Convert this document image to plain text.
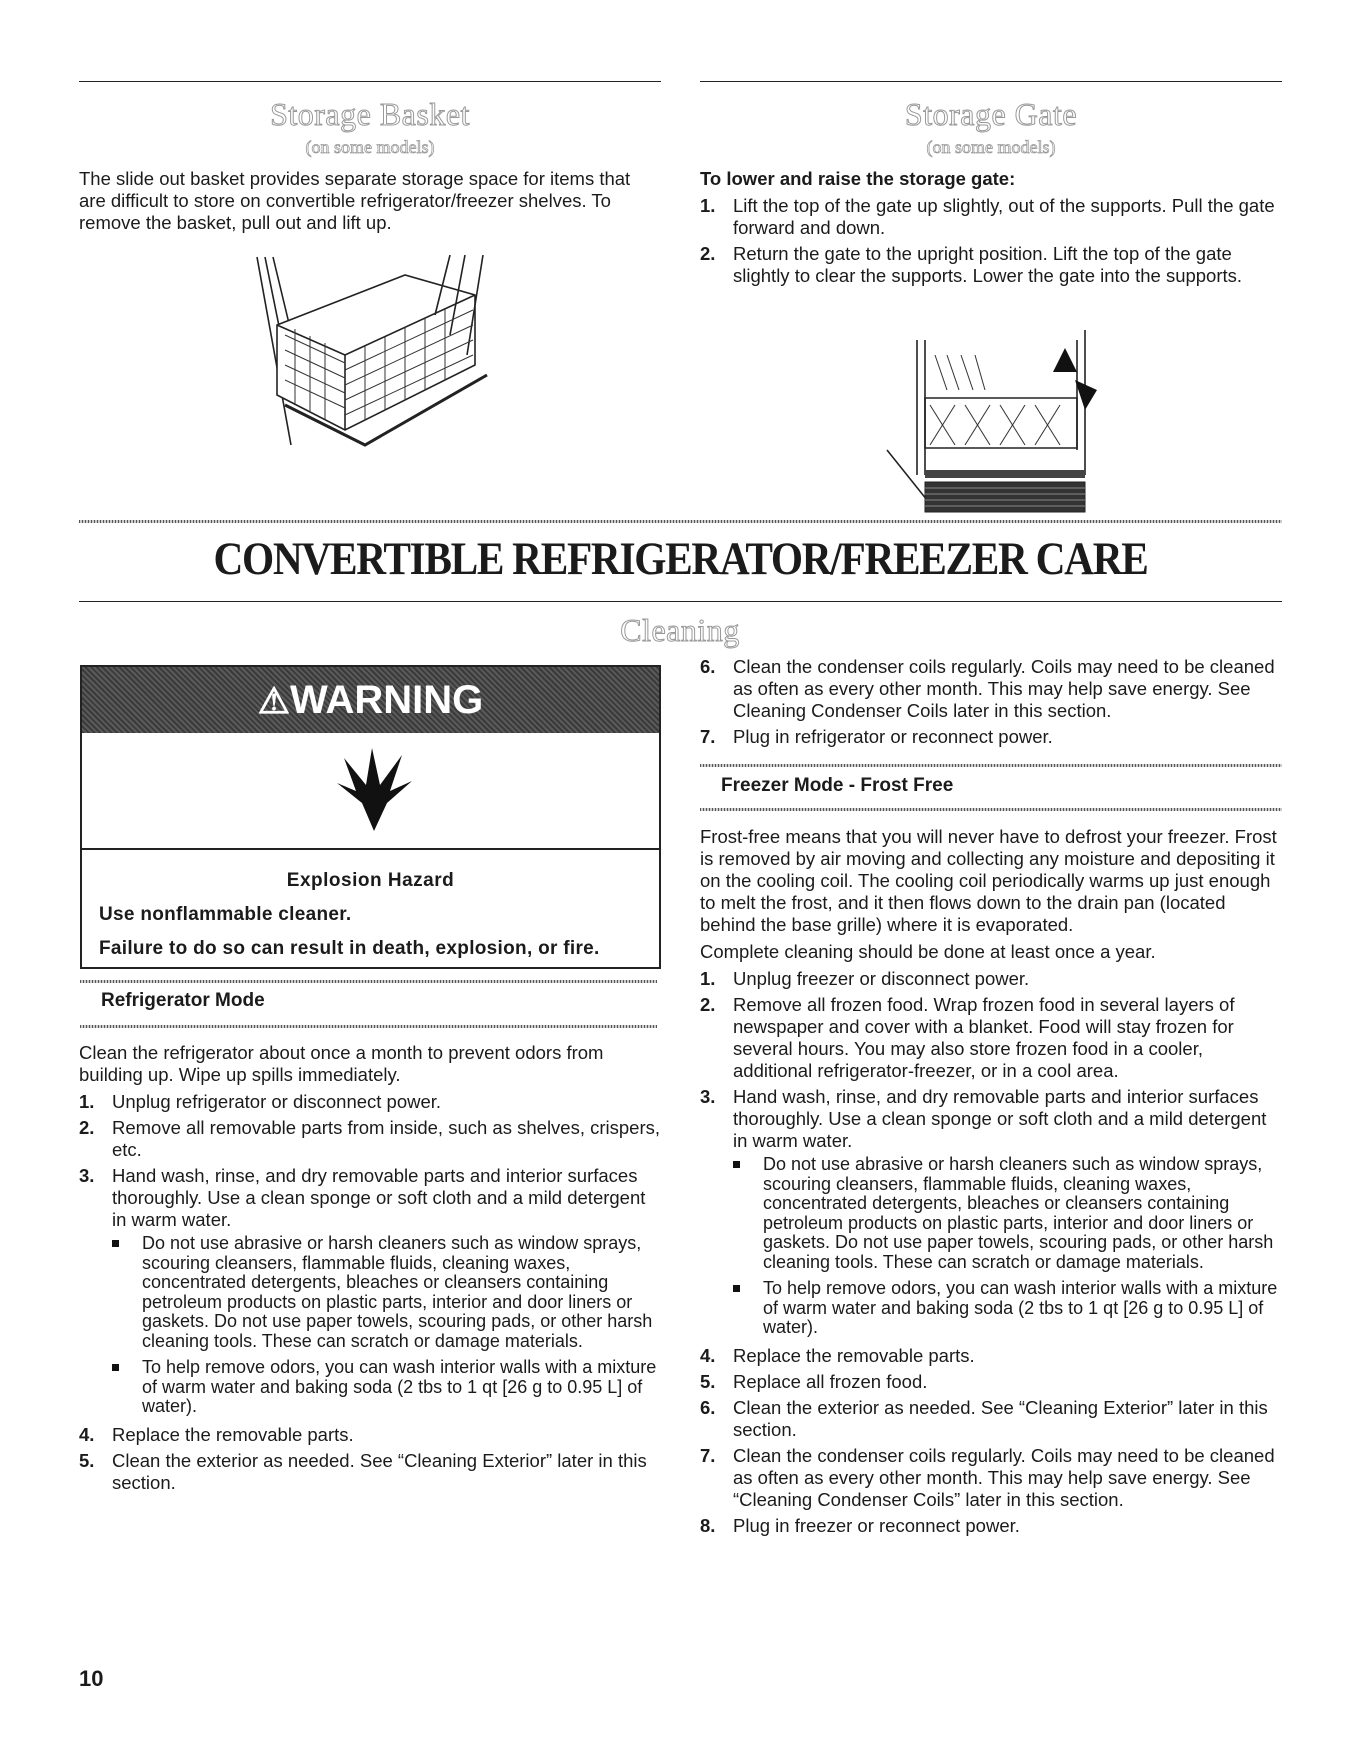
Storage Basket
(on some models)
The slide out basket provides separate storage space for items that are difficult to store on convertible refrigerator/freezer shelves. To remove the basket, pull out and lift up.
Storage Gate
(on some models)
To lower and raise the storage gate:
1. Lift the top of the gate up slightly, out of the supports. Pull the gate forward and down.
2. Return the gate to the upright position. Lift the top of the gate slightly to clear the supports. Lower the gate into the supports.
CONVERTIBLE REFRIGERATOR/FREEZER CARE
Cleaning
⚠WARNING
Explosion Hazard
Use nonflammable cleaner.
Failure to do so can result in death, explosion, or fire.
Refrigerator Mode
Clean the refrigerator about once a month to prevent odors from building up. Wipe up spills immediately.
1. Unplug refrigerator or disconnect power.
2. Remove all removable parts from inside, such as shelves, crispers, etc.
3. Hand wash, rinse, and dry removable parts and interior surfaces thoroughly. Use a clean sponge or soft cloth and a mild detergent in warm water.
Do not use abrasive or harsh cleaners such as window sprays, scouring cleansers, flammable fluids, cleaning waxes, concentrated detergents, bleaches or cleansers containing petroleum products on plastic parts, interior and door liners or gaskets. Do not use paper towels, scouring pads, or other harsh cleaning tools. These can scratch or damage materials.
To help remove odors, you can wash interior walls with a mixture of warm water and baking soda (2 tbs to 1 qt [26 g to 0.95 L] of water).
4. Replace the removable parts.
5. Clean the exterior as needed. See “Cleaning Exterior” later in this section.
6. Clean the condenser coils regularly. Coils may need to be cleaned as often as every other month. This may help save energy. See Cleaning Condenser Coils later in this section.
7. Plug in refrigerator or reconnect power.
Freezer Mode - Frost Free
Frost-free means that you will never have to defrost your freezer. Frost is removed by air moving and collecting any moisture and depositing it on the cooling coil. The cooling coil periodically warms up just enough to melt the frost, and it then flows down to the drain pan (located behind the base grille) where it is evaporated.
Complete cleaning should be done at least once a year.
1. Unplug freezer or disconnect power.
2. Remove all frozen food. Wrap frozen food in several layers of newspaper and cover with a blanket. Food will stay frozen for several hours. You may also store frozen food in a cooler, additional refrigerator-freezer, or in a cool area.
3. Hand wash, rinse, and dry removable parts and interior surfaces thoroughly. Use a clean sponge or soft cloth and a mild detergent in warm water.
Do not use abrasive or harsh cleaners such as window sprays, scouring cleansers, flammable fluids, cleaning waxes, concentrated detergents, bleaches or cleansers containing petroleum products on plastic parts, interior and door liners or gaskets. Do not use paper towels, scouring pads, or other harsh cleaning tools. These can scratch or damage materials.
To help remove odors, you can wash interior walls with a mixture of warm water and baking soda (2 tbs to 1 qt [26 g to 0.95 L] of water).
4. Replace the removable parts.
5. Replace all frozen food.
6. Clean the exterior as needed. See “Cleaning Exterior” later in this section.
7. Clean the condenser coils regularly. Coils may need to be cleaned as often as every other month. This may help save energy. See “Cleaning Condenser Coils” later in this section.
8. Plug in freezer or reconnect power.
10
